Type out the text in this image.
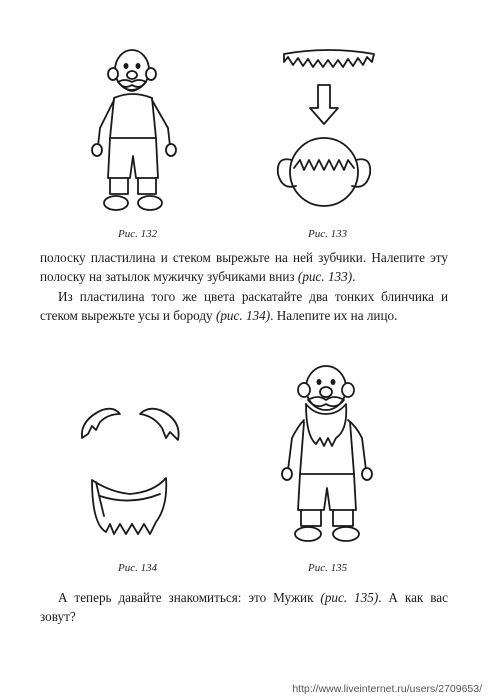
Рис. 132	Рис. 133
полоску пластилина и стеком вырежьте на ней зубчики. Налепите эту полоску на затылок мужичку зубчиками вниз (рис. 133).
Из пластилина того же цвета раскатайте два тонких блинчика и стеком вырежьте усы и бороду (рис. 134). Налепите их на лицо.
Рис. 134	Рис. 135
А теперь давайте знакомиться: это Мужик (рис. 135). А как вас зовут?
http://www.liveinternet.ru/users/2709653/
